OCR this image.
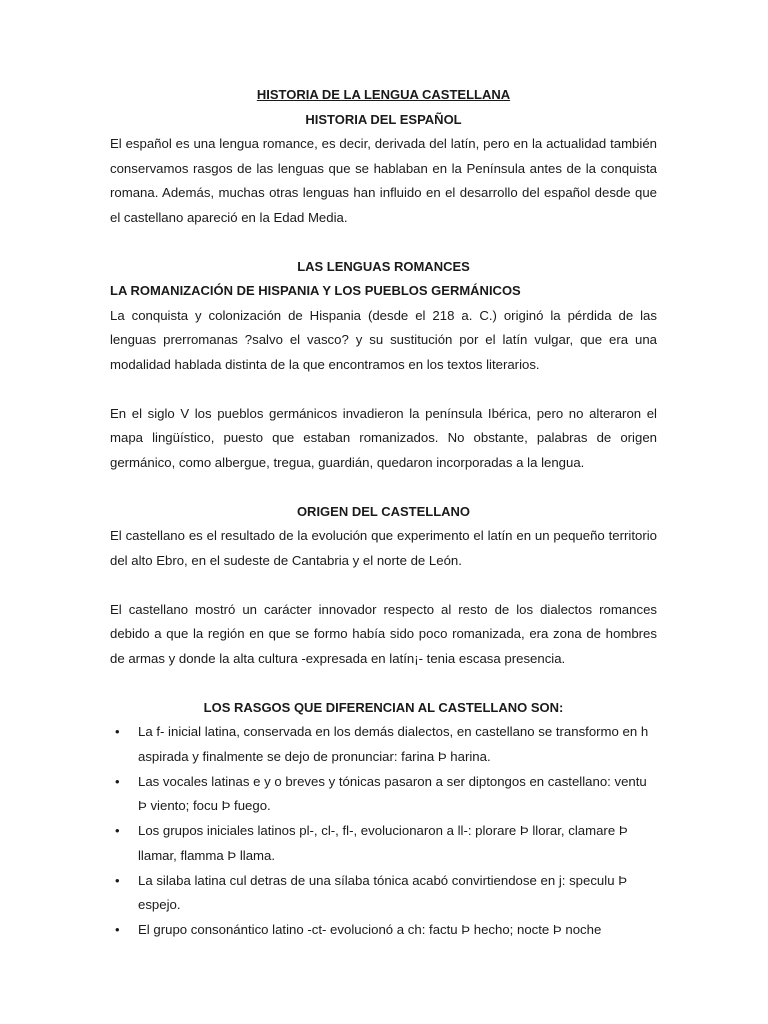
HISTORIA DE LA LENGUA CASTELLANA

HISTORIA DEL ESPAÑOL

El español es una lengua romance, es decir, derivada del latín, pero en la actualidad también conservamos rasgos de las lenguas que se hablaban en la Península antes de la conquista romana. Además, muchas otras lenguas han influido en el desarrollo del español desde que el castellano apareció en la Edad Media.

LAS LENGUAS ROMANCES

LA ROMANIZACIÓN DE HISPANIA Y LOS PUEBLOS GERMÁNICOS

La conquista y colonización de Hispania (desde el 218 a. C.) originó la pérdida de las lenguas prerromanas ?salvo el vasco? y su sustitución por el latín vulgar, que era una modalidad hablada distinta de la que encontramos en los textos literarios.

En el siglo V los pueblos germánicos invadieron la península Ibérica, pero no alteraron el mapa lingüístico, puesto que estaban romanizados. No obstante, palabras de origen germánico, como albergue, tregua, guardián, quedaron incorporadas a la lengua.

ORIGEN DEL CASTELLANO

El castellano es el resultado de la evolución que experimento el latín en un pequeño territorio del alto Ebro, en el sudeste de Cantabria y el norte de León.

El castellano mostró un carácter innovador respecto al resto de los dialectos romances debido a que la región en que se formo había sido poco romanizada, era zona de hombres de armas y donde la alta cultura -expresada en latín¡- tenia escasa presencia.

LOS RASGOS QUE DIFERENCIAN AL CASTELLANO SON:

• La f- inicial latina, conservada en los demás dialectos, en castellano se transformo en h aspirada y finalmente se dejo de pronunciar: farina Þ harina.
• Las vocales latinas e y o breves y tónicas pasaron a ser diptongos en castellano: ventu Þ viento; focu Þ fuego.
• Los grupos iniciales latinos pl-, cl-, fl-, evolucionaron a ll-: plorare Þ llorar, clamare Þ llamar, flamma Þ llama.
• La silaba latina cul detras de una sílaba tónica acabó convirtiendose en j: speculu Þ espejo.
• El grupo consonántico latino -ct- evolucionó a ch: factu Þ hecho; nocte Þ noche
